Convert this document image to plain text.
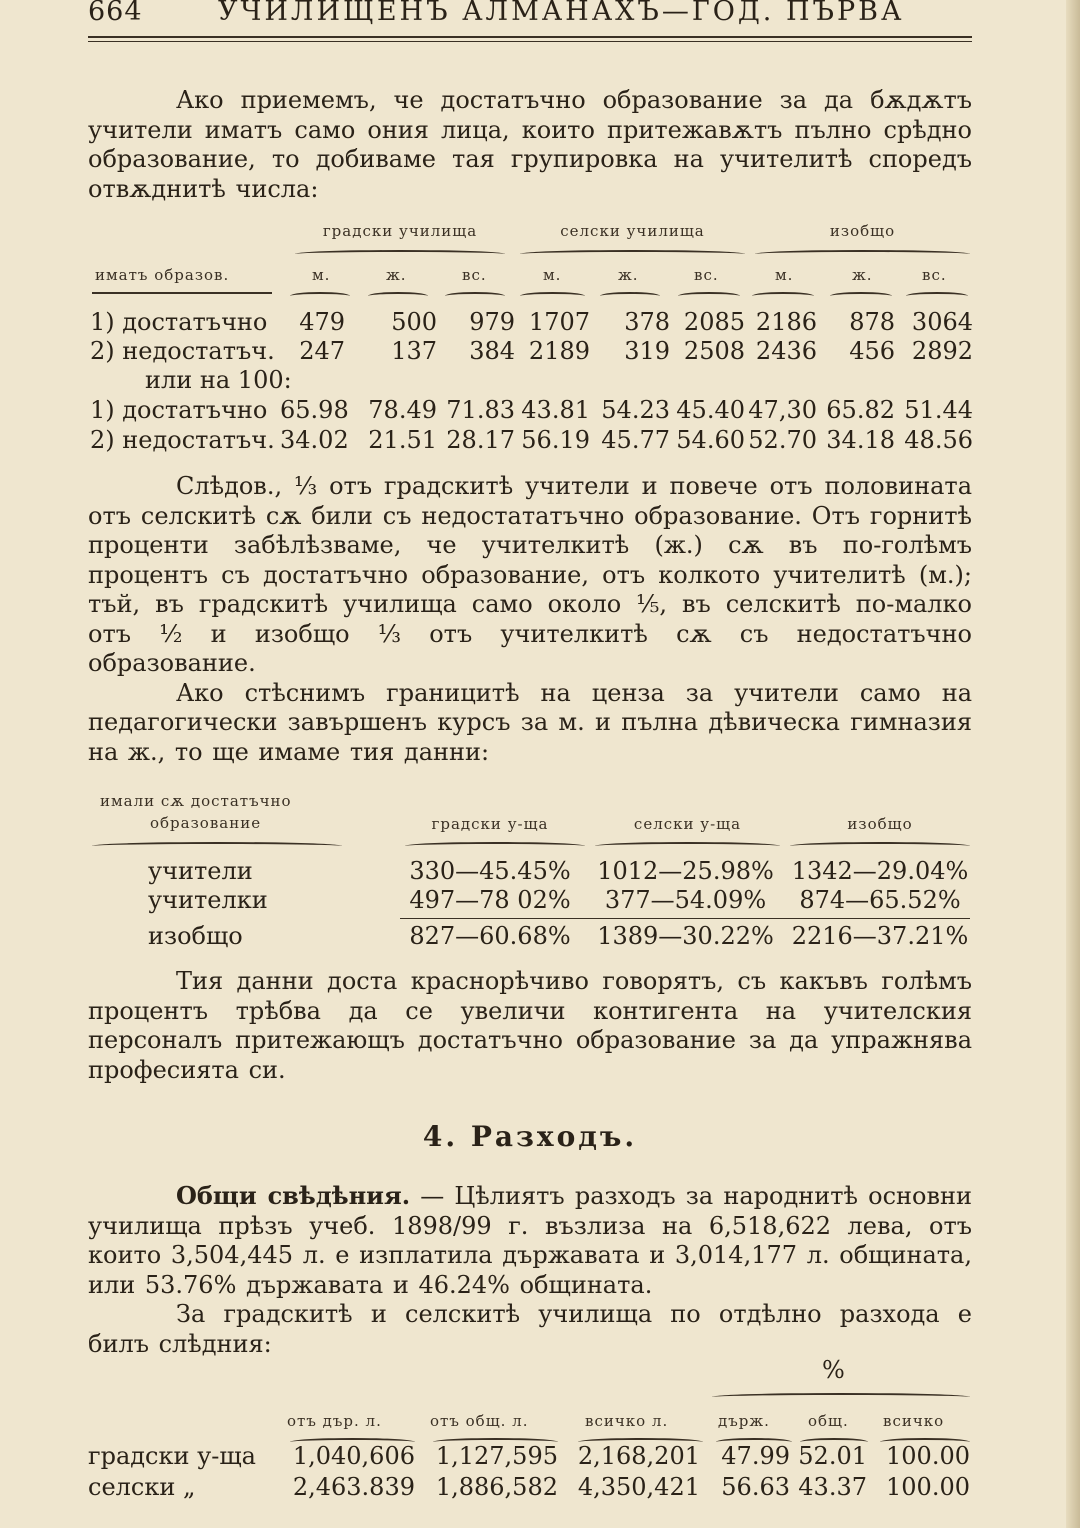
664	УЧИЛИЩЕНЪ АЛМАНАХЪ—ГОД. ПЪРВА

Ако приемемъ, че достатъчно образование за да бѫдѫтъ учители иматъ само ония лица, които притежавѫтъ пълно срѣдно образование, то добиваме тая групировка на учителитѣ споредъ отвѫднитѣ числа:

градски училища	селски училища	изобщо
иматъ образов.	м.	ж.	вс.	м.	ж.	вс.	м.	ж.	вс.
1) достатъчно	479	500	979 1707	378 2085 2186	878 3064
2) недостатъч.	247	137	384 2189	319 2508 2436	456 2892
или на 100:
1) достатъчно 65.98 78.49 71.83 43.81 54.23 45.40 47,30 65.82 51.44
2) недостатъч. 34.02 21.51 28.17 56.19 45.77 54.60 52.70 34.18 48.56

Слѣдов., ⅓ отъ градскитѣ учители и повече отъ половината отъ селскитѣ сѫ били съ недостататъчно образование. Отъ горнитѣ проценти забѣлѣзваме, че учителкитѣ (ж.) сѫ въ по-голѣмъ процентъ съ достатъчно образование, отъ колкото учителитѣ (м.); тъй, въ градскитѣ училища само около ⅕, въ селскитѣ по-малко отъ ½ и изобщо ⅓ отъ учителкитѣ сѫ съ недостатъчно образование.

Ако стѣснимъ границитѣ на ценза за учители само на педагогически завършенъ курсъ за м. и пълна дѣвическа гимназия на ж., то ще имаме тия данни:

имали сѫ достатъчно
образование	градски у-ща	селски у-ща	изобщо
учители	330—45.45%	1012—25.98% 1342—29.04%
учителки	497—78 02%	377—54.09%	874—65.52%
изобщо	827—60.68%	1389—30.22% 2216—37.21%

Тия данни доста краснорѣчиво говорятъ, съ какъвъ голѣмъ процентъ трѣбва да се увеличи контигента на учителския персоналъ притежающъ достатъчно образование за да упражнява професията си.

4. Разходъ.

Общи свѣдѣния. — Цѣлиятъ разходъ за народнитѣ основни училища прѣзъ учеб. 1898/99 г. възлиза на 6,518,622 лева, отъ които 3,504,445 л. е изплатила държавата и 3,014,177 л. общината, или 53.76% държавата и 46.24% общината.

За градскитѣ и селскитѣ училища по отдѣлно разхода е билъ слѣдния:

%
отъ дър. л.	отъ общ. л.	всичко л.	държ.	общ. всичко
градски у-ща	1,040,606 1,127,595 2,168,201 47.99 52.01 100.00
селски „	2,463.839 1,886,582 4,350,421 56.63 43.37 100.00
